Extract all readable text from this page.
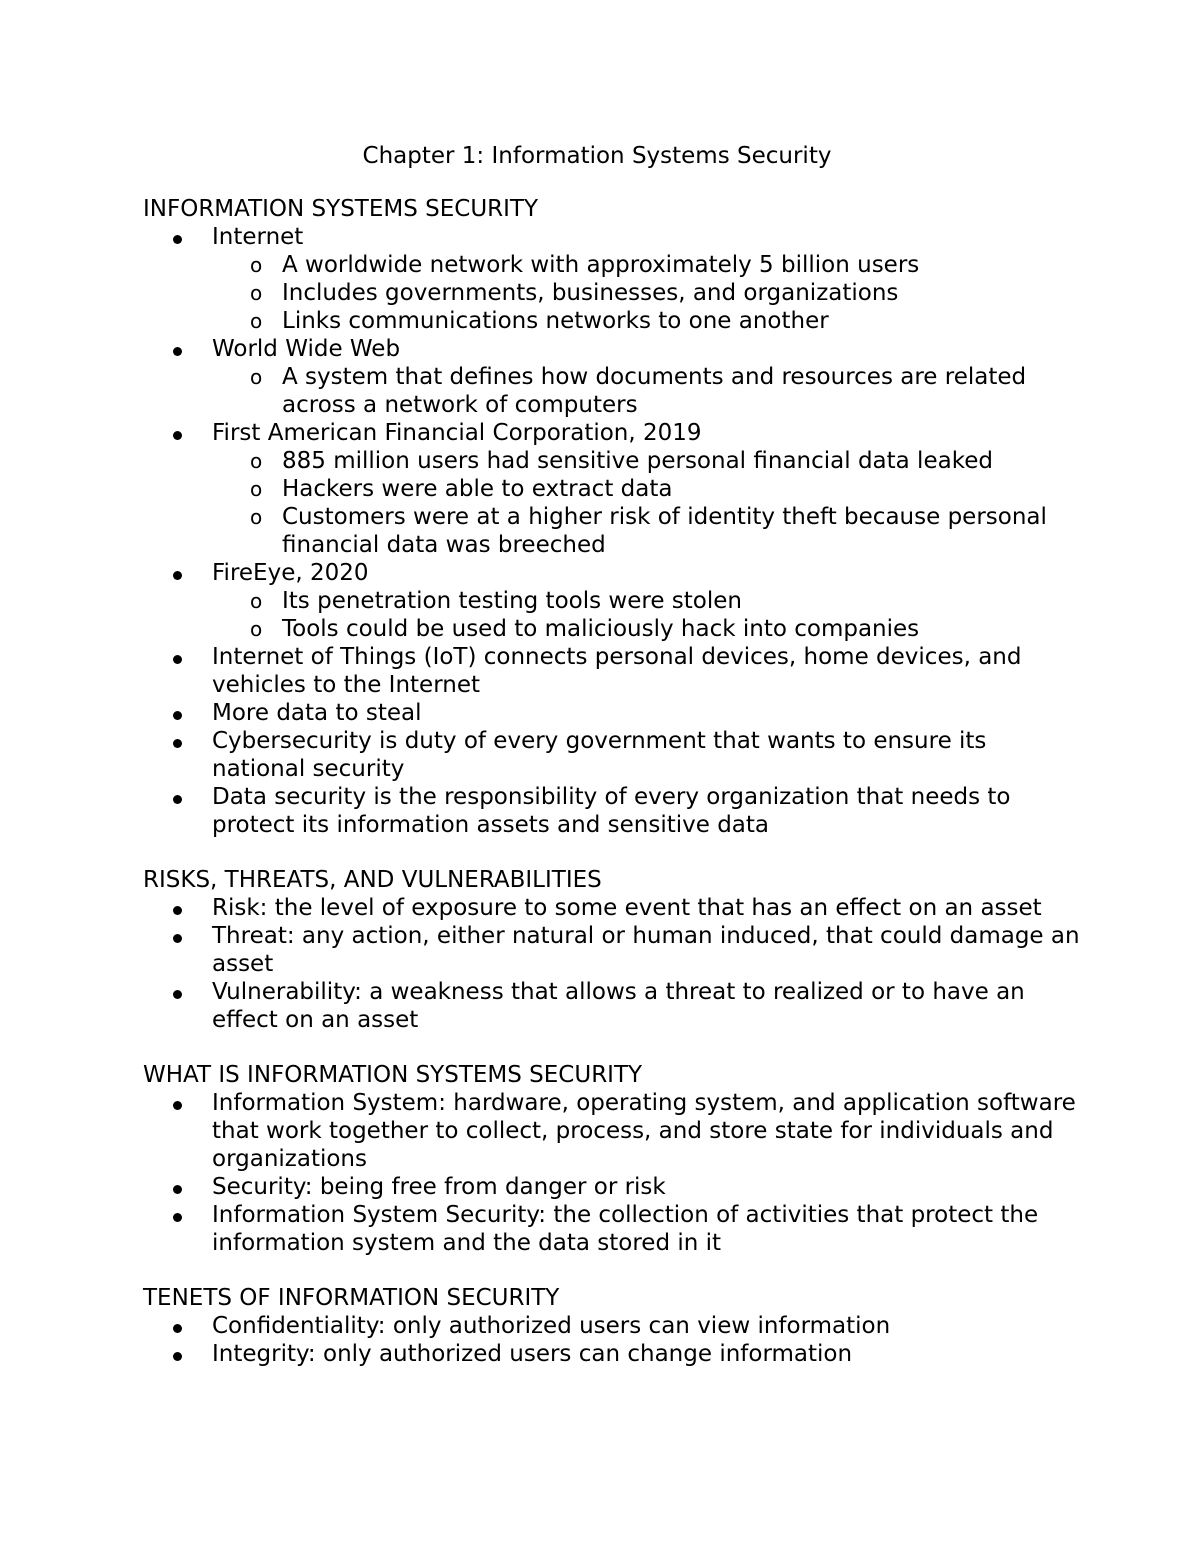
Chapter 1: Information Systems Security
INFORMATION SYSTEMS SECURITY
Internet
o A worldwide network with approximately 5 billion users
o Includes governments, businesses, and organizations
o Links communications networks to one another
World Wide Web
o A system that defines how documents and resources are related across a network of computers
First American Financial Corporation, 2019
o 885 million users had sensitive personal financial data leaked
o Hackers were able to extract data
o Customers were at a higher risk of identity theft because personal financial data was breeched
FireEye, 2020
o Its penetration testing tools were stolen
o Tools could be used to maliciously hack into companies
Internet of Things (IoT) connects personal devices, home devices, and vehicles to the Internet
More data to steal
Cybersecurity is duty of every government that wants to ensure its national security
Data security is the responsibility of every organization that needs to protect its information assets and sensitive data
RISKS, THREATS, AND VULNERABILITIES
Risk: the level of exposure to some event that has an effect on an asset
Threat: any action, either natural or human induced, that could damage an asset
Vulnerability: a weakness that allows a threat to realized or to have an effect on an asset
WHAT IS INFORMATION SYSTEMS SECURITY
Information System: hardware, operating system, and application software that work together to collect, process, and store state for individuals and organizations
Security: being free from danger or risk
Information System Security: the collection of activities that protect the information system and the data stored in it
TENETS OF INFORMATION SECURITY
Confidentiality: only authorized users can view information
Integrity: only authorized users can change information
